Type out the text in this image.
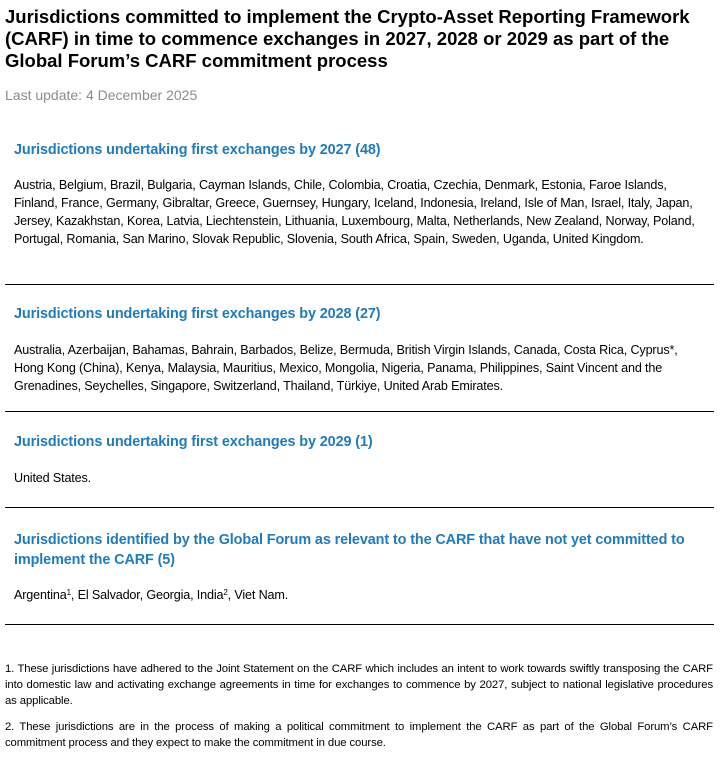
Jurisdictions committed to implement the Crypto-Asset Reporting Framework (CARF) in time to commence exchanges in 2027, 2028 or 2029 as part of the Global Forum’s CARF commitment process
Last update: 4 December 2025
Jurisdictions undertaking first exchanges by 2027 (48)

Austria, Belgium, Brazil, Bulgaria, Cayman Islands, Chile, Colombia, Croatia, Czechia, Denmark, Estonia, Faroe Islands, Finland, France, Germany, Gibraltar, Greece, Guernsey, Hungary, Iceland, Indonesia, Ireland, Isle of Man, Israel, Italy, Japan, Jersey, Kazakhstan, Korea, Latvia, Liechtenstein, Lithuania, Luxembourg, Malta, Netherlands, New Zealand, Norway, Poland, Portugal, Romania, San Marino, Slovak Republic, Slovenia, South Africa, Spain, Sweden, Uganda, United Kingdom.

Jurisdictions undertaking first exchanges by 2028 (27)

Australia, Azerbaijan, Bahamas, Bahrain, Barbados, Belize, Bermuda, British Virgin Islands, Canada, Costa Rica, Cyprus*, Hong Kong (China), Kenya, Malaysia, Mauritius, Mexico, Mongolia, Nigeria, Panama, Philippines, Saint Vincent and the Grenadines, Seychelles, Singapore, Switzerland, Thailand, Türkiye, United Arab Emirates.

Jurisdictions undertaking first exchanges by 2029 (1)

United States.

Jurisdictions identified by the Global Forum as relevant to the CARF that have not yet committed to implement the CARF (5)

Argentina$^1$, El Salvador, Georgia, India$^2$, Viet Nam.

1. These jurisdictions have adhered to the Joint Statement on the CARF which includes an intent to work towards swiftly transposing the CARF into domestic law and activating exchange agreements in time for exchanges to commence by 2027, subject to national legislative procedures as applicable.

2. These jurisdictions are in the process of making a political commitment to implement the CARF as part of the Global Forum’s CARF commitment process and they expect to make the commitment in due course.
